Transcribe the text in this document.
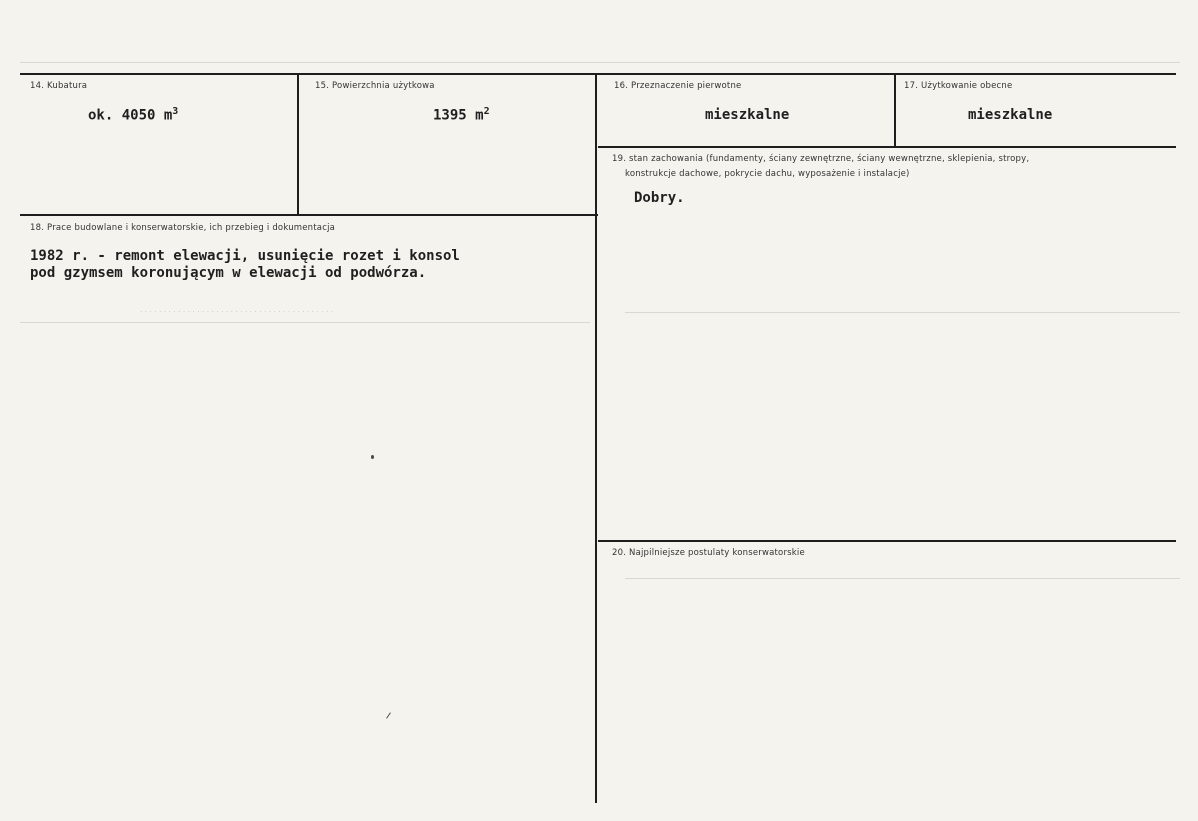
. . . . . . . . . . . . . . . . . . . . . . . . . . . . . . . . . . . . . . . . .
14. Kubatura
ok. 4050 $m^3$
15. Powierzchnia użytkowa
1395 $m^2$
16. Przeznaczenie pierwotne
mieszkalne
17. Użytkowanie obecne
mieszkalne
18. Prace budowlane i konserwatorskie, ich przebieg i dokumentacja
1982 r. - remont elewacji, usunięcie rozet i konsol
pod gzymsem koronującym w elewacji od podwórza.
19. stan zachowania (fundamenty, ściany zewnętrzne, ściany wewnętrzne, sklepienia, stropy,
konstrukcje dachowe, pokrycie dachu, wyposażenie i instalacje)
Dobry.
20. Najpilniejsze postulaty konserwatorskie
